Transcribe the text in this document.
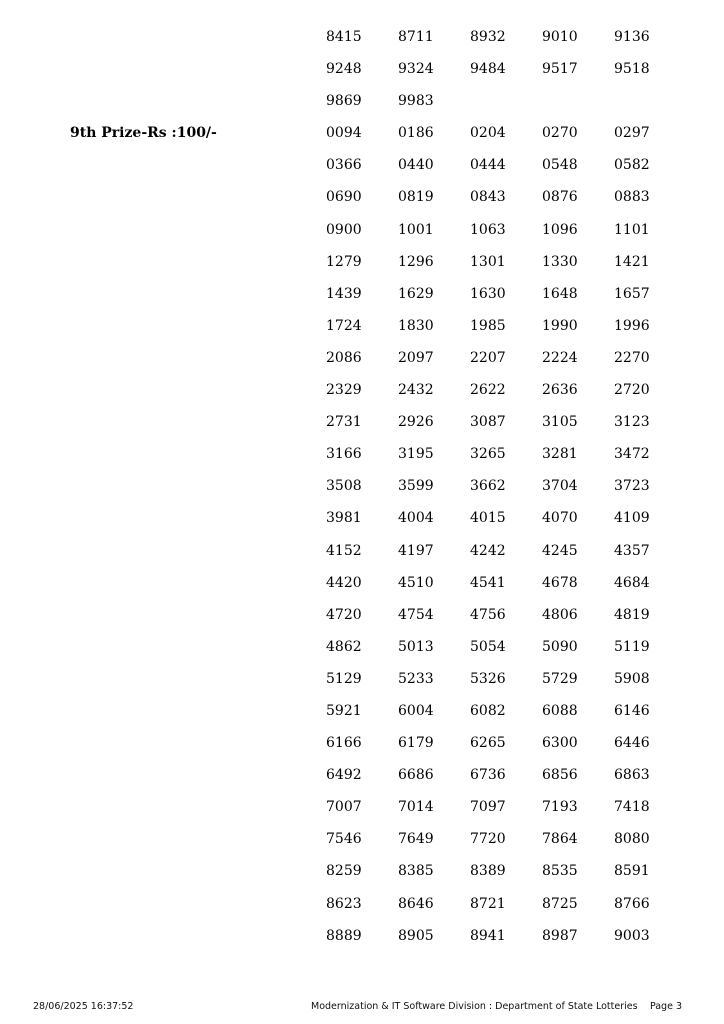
9th Prize-Rs :100/-
8415	8711	8932	9010	9136
9248	9324	9484	9517	9518
9869	9983
0094	0186	0204	0270	0297
0366	0440	0444	0548	0582
0690	0819	0843	0876	0883
0900	1001	1063	1096	1101
1279	1296	1301	1330	1421
1439	1629	1630	1648	1657
1724	1830	1985	1990	1996
2086	2097	2207	2224	2270
2329	2432	2622	2636	2720
2731	2926	3087	3105	3123
3166	3195	3265	3281	3472
3508	3599	3662	3704	3723
3981	4004	4015	4070	4109
4152	4197	4242	4245	4357
4420	4510	4541	4678	4684
4720	4754	4756	4806	4819
4862	5013	5054	5090	5119
5129	5233	5326	5729	5908
5921	6004	6082	6088	6146
6166	6179	6265	6300	6446
6492	6686	6736	6856	6863
7007	7014	7097	7193	7418
7546	7649	7720	7864	8080
8259	8385	8389	8535	8591
8623	8646	8721	8725	8766
8889	8905	8941	8987	9003
28/06/2025 16:37:52	Modernization & IT Software Division : Department of State Lotteries Page 3
